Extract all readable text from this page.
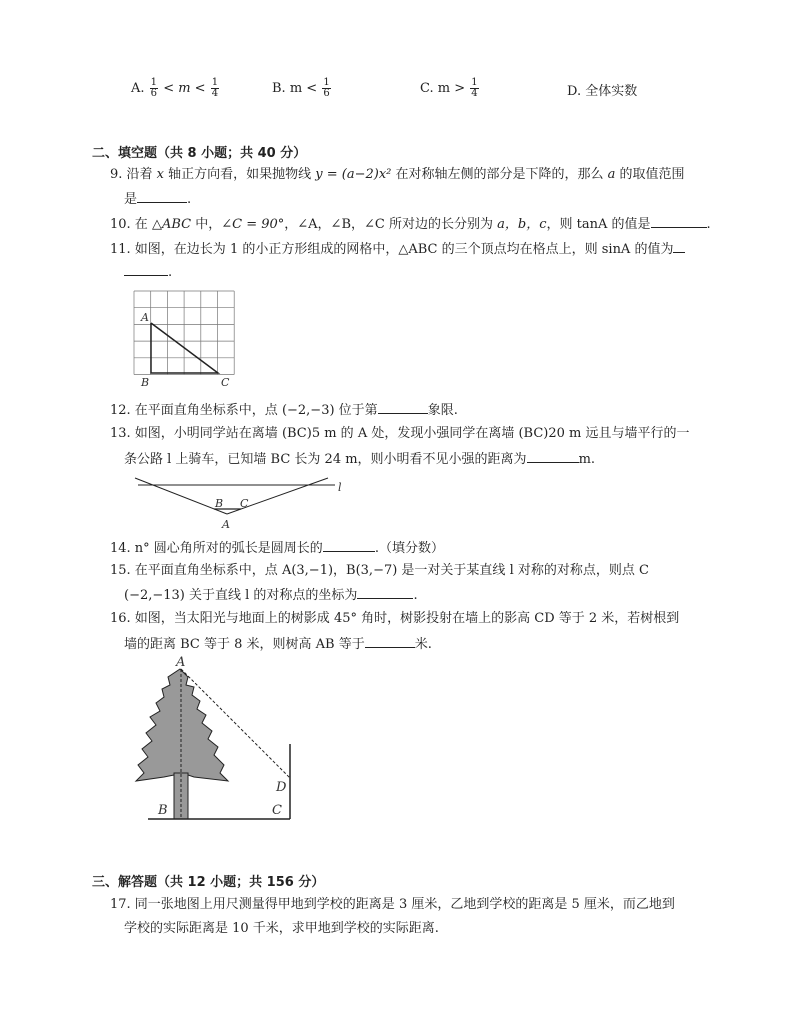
A. $\frac{1}{6} < m < \frac{1}{4}$	B. $m < \frac{1}{6}$	C. $m > \frac{1}{4}$	D. 全体实数
二、填空题（共 8 小题；共 40 分）
9. 沿着 x 轴正方向看，如果抛物线 y = (a−2)x² 在对称轴左侧的部分是下降的，那么 a 的取值范围
是	.
10. 在 △ABC 中，∠C = 90°，∠A，∠B，∠C 所对边的长分别为 a，b，c，则 tanA 的值是	.
11. 如图，在边长为 1 的小正方形组成的网格中，△ABC 的三个顶点均在格点上，则 sinA 的值为
.
A
B	C
12. 在平面直角坐标系中，点 (−2,−3) 位于第	象限.
13. 如图，小明同学站在离墙 (BC)5 m 的 A 处，发现小强同学在离墙 (BC)20 m 远且与墙平行的一
条公路 l 上骑车，已知墙 BC 长为 24 m，则小明看不见小强的距离为	m.
B C
A
l
14. n° 圆心角所对的弧长是圆周长的	.（填分数）
15. 在平面直角坐标系中，点 A(3,−1)，B(3,−7) 是一对关于某直线 l 对称的对称点，则点 C
(−2,−13) 关于直线 l 的对称点的坐标为	.
16. 如图，当太阳光与地面上的树影成 45° 角时，树影投射在墙上的影高 CD 等于 2 米，若树根到
墙的距离 BC 等于 8 米，则树高 AB 等于	米.
A
B	C
D
三、解答题（共 12 小题；共 156 分）
17. 同一张地图上用尺测量得甲地到学校的距离是 3 厘米，乙地到学校的距离是 5 厘米，而乙地到
学校的实际距离是 10 千米，求甲地到学校的实际距离.
